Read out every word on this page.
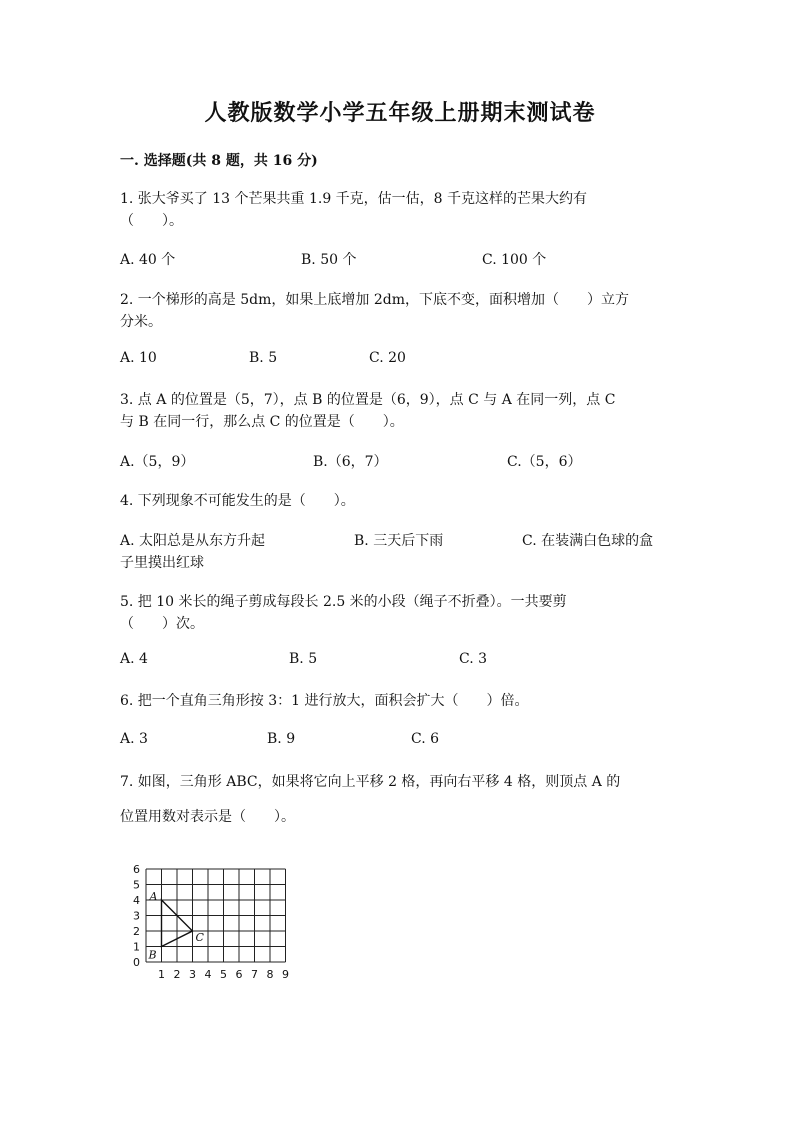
人教版数学小学五年级上册期末测试卷
一. 选择题(共 8 题，共 16 分)
1. 张大爷买了 13 个芒果共重 1.9 千克，估一估，8 千克这样的芒果大约有
（　　）。
A. 40 个	B. 50 个	C. 100 个
2. 一个梯形的高是 5dm，如果上底增加 2dm，下底不变，面积增加（　　）立方
分米。
A. 10	B. 5	C. 20
3. 点 A 的位置是（5，7），点 B 的位置是（6，9），点 C 与 A 在同一列，点 C
与 B 在同一行，那么点 C 的位置是（　　）。
A.（5，9）	B.（6，7）	C.（5，6）
4. 下列现象不可能发生的是（　　）。
A. 太阳总是从东方升起	B. 三天后下雨	C. 在装满白色球的盒
子里摸出红球
5. 把 10 米长的绳子剪成每段长 2.5 米的小段（绳子不折叠）。一共要剪
（　　）次。
A. 4	B. 5	C. 3
6. 把一个直角三角形按 3：1 进行放大，面积会扩大（　　）倍。
A. 3	B. 9	C. 6
7. 如图，三角形 ABC，如果将它向上平移 2 格，再向右平移 4 格，则顶点 A 的
位置用数对表示是（　　）。
0
1
2
3
4
5
6
1 2 3 4 5 6 7 8 9
A
B
C
